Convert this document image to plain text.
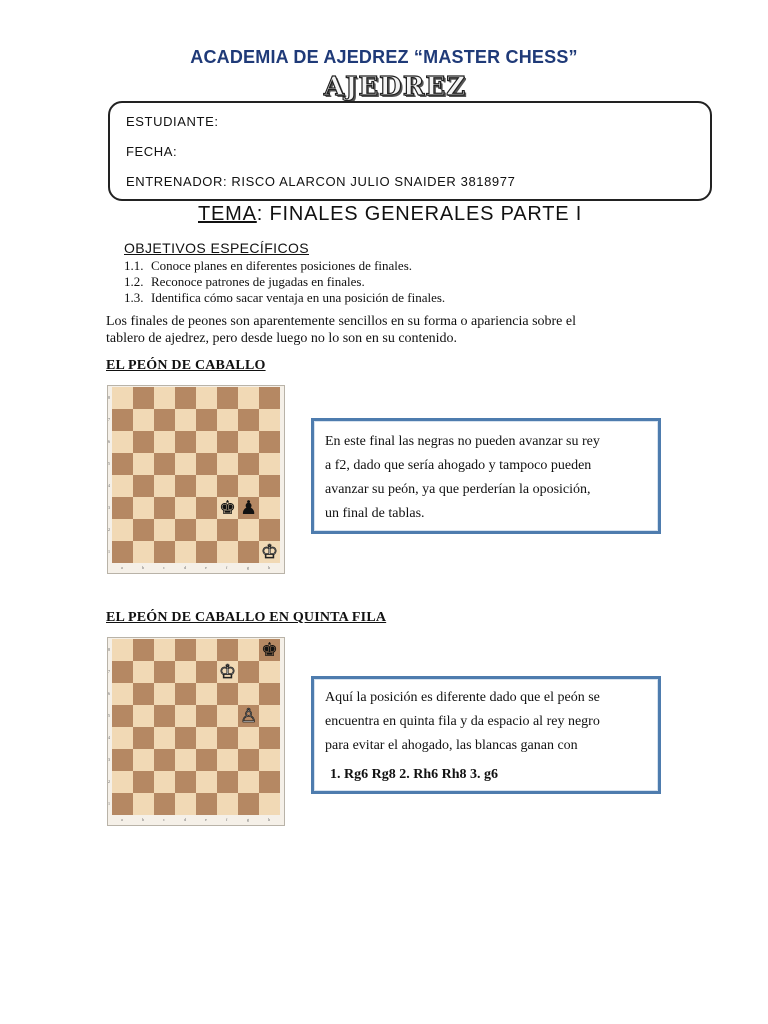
ACADEMIA DE AJEDREZ “MASTER CHESS”
AJEDREZ
ESTUDIANTE:
FECHA:
ENTRENADOR: RISCO ALARCON JULIO SNAIDER 3818977
TEMA: FINALES GENERALES PARTE I
OBJETIVOS ESPECÍFICOS
1.1. Conoce planes en diferentes posiciones de finales.
1.2. Reconoce patrones de jugadas en finales.
1.3. Identifica cómo sacar ventaja en una posición de finales.
Los finales de peones son aparentemente sencillos en su forma o apariencia sobre el
tablero de ajedrez, pero desde luego no lo son en su contenido.
EL PEÓN DE CABALLO
8
7
6
5
4
3
2
1
a	b	c	d	e	f	g	h
♚ ♟
♔
En este final las negras no pueden avanzar su rey
a f2, dado que sería ahogado y tampoco pueden
avanzar su peón, ya que perderían la oposición,
un final de tablas.
EL PEÓN DE CABALLO EN QUINTA FILA
8
7
6
5
4
3
2
1
a	b	c	d	e	f	g	h
♚
♔
♙
Aquí la posición es diferente dado que el peón se
encuentra en quinta fila y da espacio al rey negro
para evitar el ahogado, las blancas ganan con
1. Rg6 Rg8 2. Rh6 Rh8 3. g6
